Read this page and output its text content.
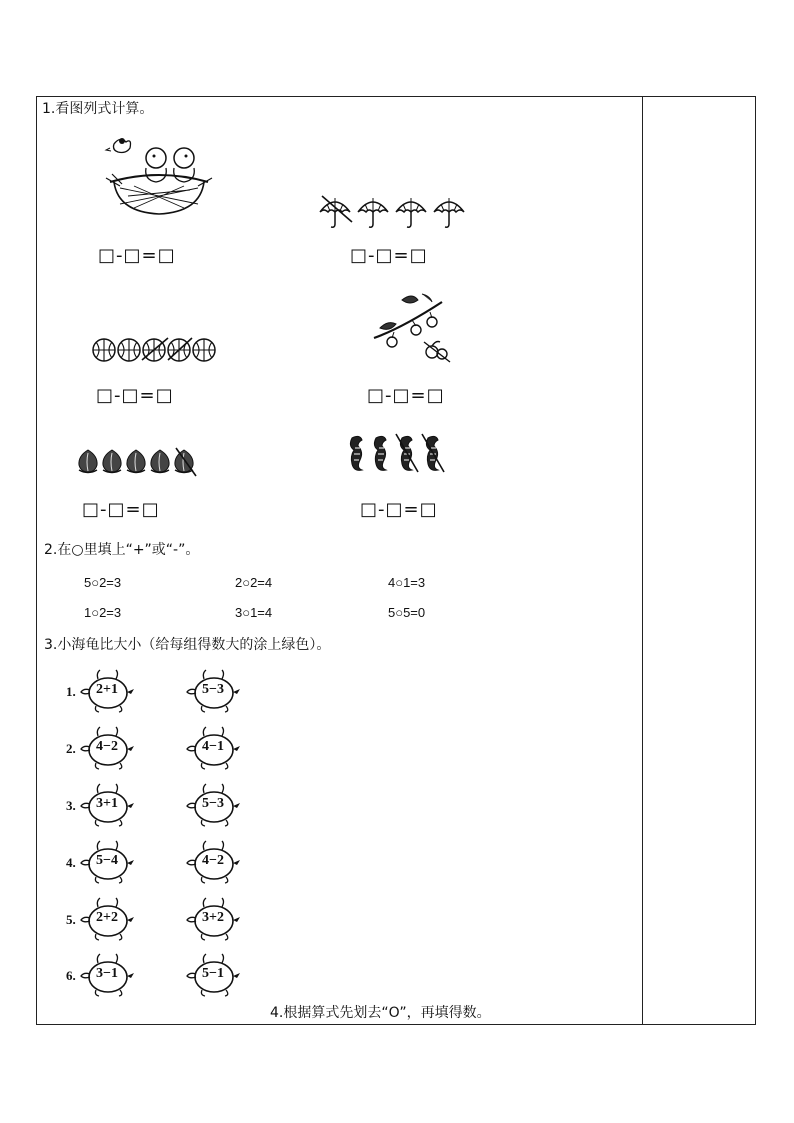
1.看图列式计算。
□-□=□	□-□=□
□-□=□	□-□=□
□-□=□	□-□=□
2.在○里填上“+”或“-”。
5○2=3	2○2=4	4○1=3
1○2=3	3○1=4	5○5=0
3.小海龟比大小（给每组得数大的涂上绿色）。
1.	2+1	5−3
2.	4−2	4−1
3.	3+1	5−3
4.	5−4	4−2
5.	2+2	3+2
6.	3−1	5−1
4.根据算式先划去“O”，再填得数。
